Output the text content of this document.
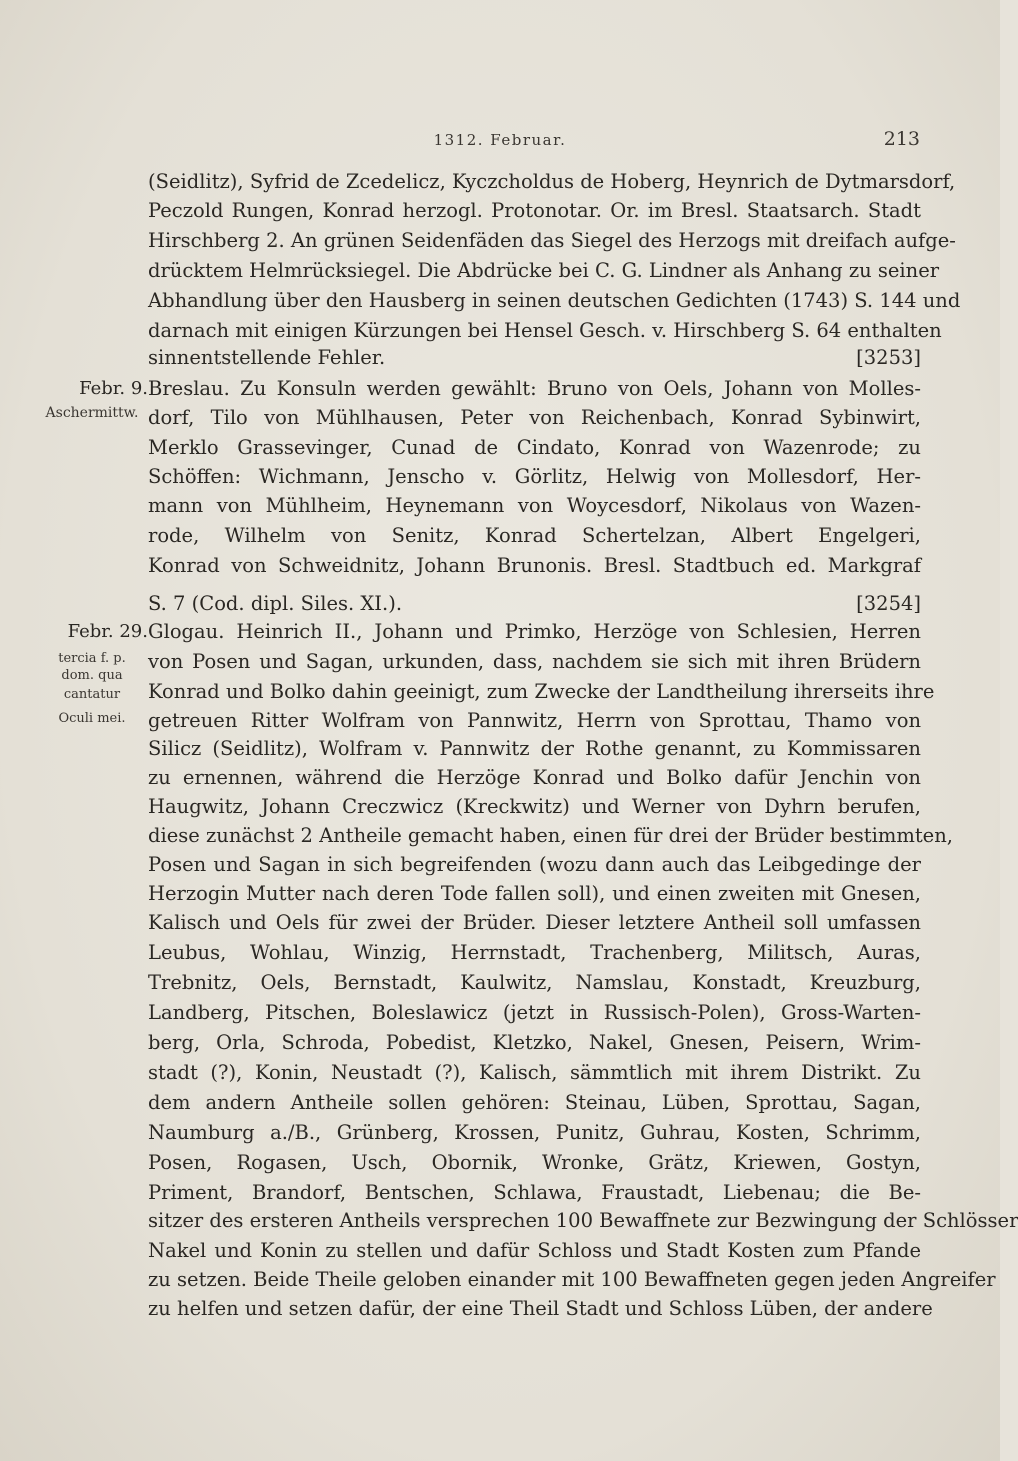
1312. Februar.	213
(Seidlitz), Syfrid de Zcedelicz, Kyczcholdus de Hoberg, Heynrich de Dytmarsdorf,
Peczold Rungen, Konrad herzogl. Protonotar. Or. im Bresl. Staatsarch. Stadt
Hirschberg 2. An grünen Seidenfäden das Siegel des Herzogs mit dreifach aufge-
drücktem Helmrücksiegel. Die Abdrücke bei C. G. Lindner als Anhang zu seiner
Abhandlung über den Hausberg in seinen deutschen Gedichten (1743) S. 144 und
darnach mit einigen Kürzungen bei Hensel Gesch. v. Hirschberg S. 64 enthalten
sinnentstellende Fehler.	[3253]
Febr. 9.
Aschermittw.
Breslau. Zu Konsuln werden gewählt: Bruno von Oels, Johann von Molles-
dorf, Tilo von Mühlhausen, Peter von Reichenbach, Konrad Sybinwirt,
Merklo Grassevinger, Cunad de Cindato, Konrad von Wazenrode; zu
Schöffen: Wichmann, Jenscho v. Görlitz, Helwig von Mollesdorf, Her-
mann von Mühlheim, Heynemann von Woycesdorf, Nikolaus von Wazen-
rode, Wilhelm von Senitz, Konrad Schertelzan, Albert Engelgeri,
Konrad von Schweidnitz, Johann Brunonis. Bresl. Stadtbuch ed. Markgraf
S. 7 (Cod. dipl. Siles. XI.).	[3254]
Febr. 29.
tercia f. p.
dom. qua
cantatur
Oculi mei.
Glogau. Heinrich II., Johann und Primko, Herzöge von Schlesien, Herren
von Posen und Sagan, urkunden, dass, nachdem sie sich mit ihren Brüdern
Konrad und Bolko dahin geeinigt, zum Zwecke der Landtheilung ihrerseits ihre
getreuen Ritter Wolfram von Pannwitz, Herrn von Sprottau, Thamo von
Silicz (Seidlitz), Wolfram v. Pannwitz der Rothe genannt, zu Kommissaren
zu ernennen, während die Herzöge Konrad und Bolko dafür Jenchin von
Haugwitz, Johann Creczwicz (Kreckwitz) und Werner von Dyhrn berufen,
diese zunächst 2 Antheile gemacht haben, einen für drei der Brüder bestimmten,
Posen und Sagan in sich begreifenden (wozu dann auch das Leibgedinge der
Herzogin Mutter nach deren Tode fallen soll), und einen zweiten mit Gnesen,
Kalisch und Oels für zwei der Brüder. Dieser letztere Antheil soll umfassen
Leubus, Wohlau, Winzig, Herrnstadt, Trachenberg, Militsch, Auras,
Trebnitz, Oels, Bernstadt, Kaulwitz, Namslau, Konstadt, Kreuzburg,
Landberg, Pitschen, Boleslawicz (jetzt in Russisch-Polen), Gross-Warten-
berg, Orla, Schroda, Pobedist, Kletzko, Nakel, Gnesen, Peisern, Wrim-
stadt (?), Konin, Neustadt (?), Kalisch, sämmtlich mit ihrem Distrikt. Zu
dem andern Antheile sollen gehören: Steinau, Lüben, Sprottau, Sagan,
Naumburg a./B., Grünberg, Krossen, Punitz, Guhrau, Kosten, Schrimm,
Posen, Rogasen, Usch, Obornik, Wronke, Grätz, Kriewen, Gostyn,
Priment, Brandorf, Bentschen, Schlawa, Fraustadt, Liebenau; die Be-
sitzer des ersteren Antheils versprechen 100 Bewaffnete zur Bezwingung der Schlösser
Nakel und Konin zu stellen und dafür Schloss und Stadt Kosten zum Pfande
zu setzen. Beide Theile geloben einander mit 100 Bewaffneten gegen jeden Angreifer
zu helfen und setzen dafür, der eine Theil Stadt und Schloss Lüben, der andere
